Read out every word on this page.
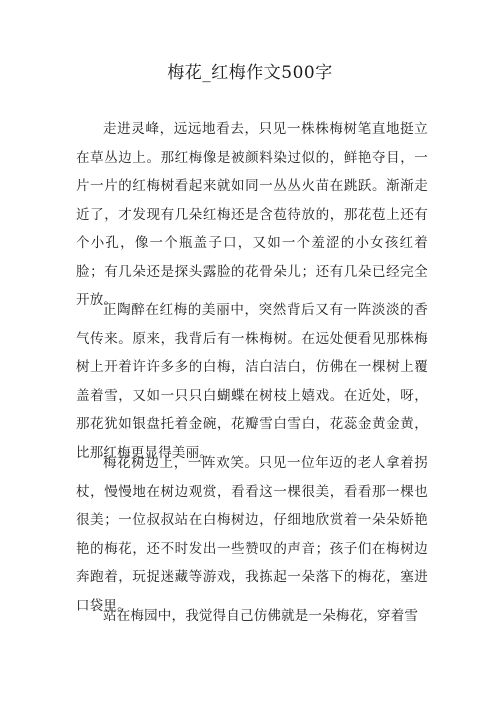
梅花_红梅作文500字

走进灵峰，远远地看去，只见一株株梅树笔直地挺立在草丛边上。那红梅像是被颜料染过似的，鲜艳夺目，一片一片的红梅树看起来就如同一丛丛火苗在跳跃。渐渐走近了，才发现有几朵红梅还是含苞待放的，那花苞上还有个小孔，像一个瓶盖子口，又如一个羞涩的小女孩红着脸；有几朵还是探头露脸的花骨朵儿；还有几朵已经完全开放。

正陶醉在红梅的美丽中，突然背后又有一阵淡淡的香气传来。原来，我背后有一株梅树。在远处便看见那株梅树上开着许许多多的白梅，洁白洁白，仿佛在一棵树上覆盖着雪，又如一只只白蝴蝶在树枝上嬉戏。在近处，呀，那花犹如银盘托着金碗，花瓣雪白雪白，花蕊金黄金黄，比那红梅更显得美丽。

梅花树边上，一阵欢笑。只见一位年迈的老人拿着拐杖，慢慢地在树边观赏，看看这一棵很美，看看那一棵也很美；一位叔叔站在白梅树边，仔细地欣赏着一朵朵娇艳艳的梅花，还不时发出一些赞叹的声音；孩子们在梅树边奔跑着，玩捉迷藏等游戏，我拣起一朵落下的梅花，塞进口袋里。

站在梅园中，我觉得自己仿佛就是一朵梅花，穿着雪
